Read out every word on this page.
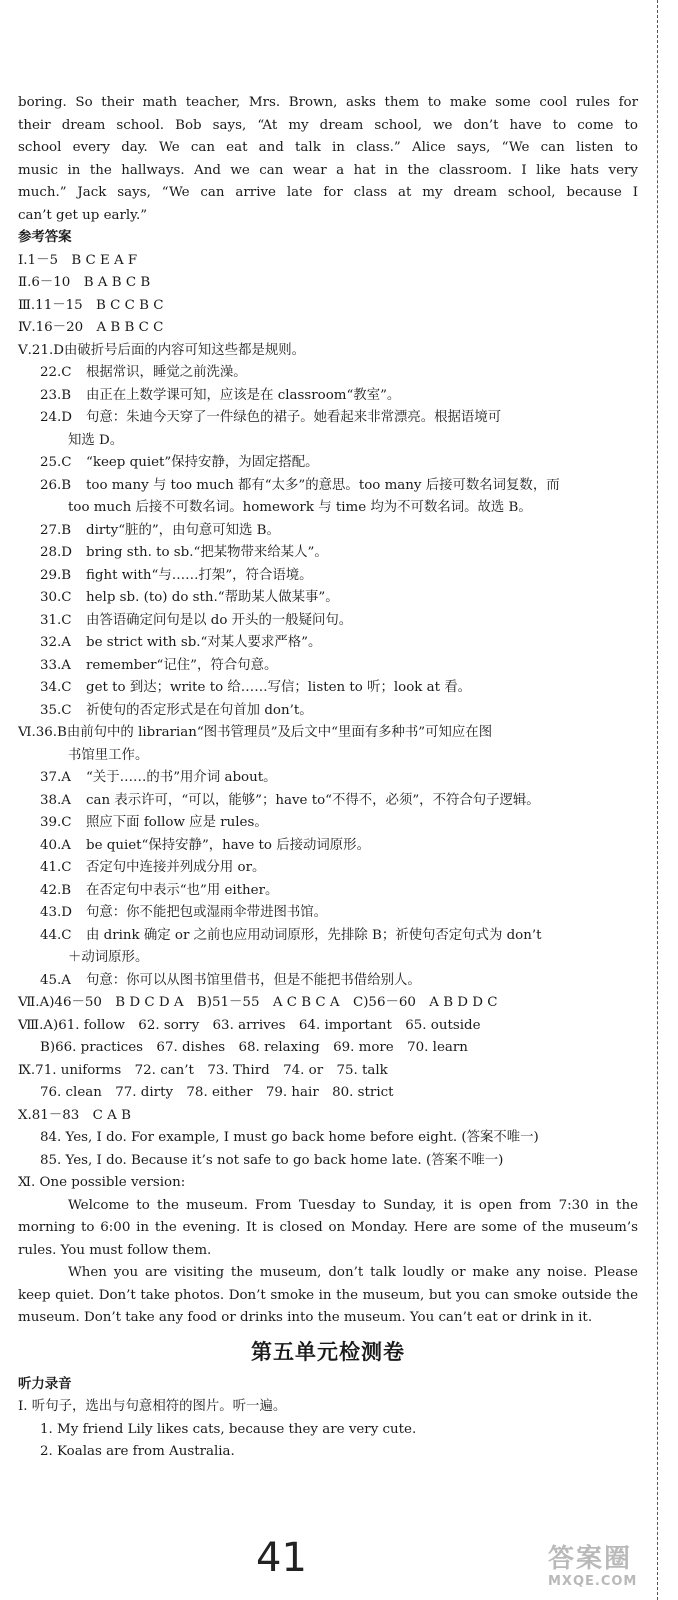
boring. So their math teacher, Mrs. Brown, asks them to make some cool rules for
their dream school. Bob says, “At my dream school, we don’t have to come to
school every day. We can eat and talk in class.” Alice says, “We can listen to
music in the hallways. And we can wear a hat in the classroom. I like hats very
much.” Jack says, “We can arrive late for class at my dream school, because I
can’t get up early.”
参考答案
Ⅰ.1－5　B C E A F
Ⅱ.6－10　B A B C B
Ⅲ.11－15　B C C B C
Ⅳ.16－20　A B B C C
Ⅴ.21.D由破折号后面的内容可知这些都是规则。
22.C 根据常识，睡觉之前洗澡。
23.B 由正在上数学课可知，应该是在 classroom“教室”。
24.D 句意：朱迪今天穿了一件绿色的裙子。她看起来非常漂亮。根据语境可
知选 D。
25.C “keep quiet”保持安静，为固定搭配。
26.B too many 与 too much 都有“太多”的意思。too many 后接可数名词复数，而
too much 后接不可数名词。homework 与 time 均为不可数名词。故选 B。
27.B dirty“脏的”，由句意可知选 B。
28.D bring sth. to sb.“把某物带来给某人”。
29.B fight with“与……打架”，符合语境。
30.C help sb. (to) do sth.“帮助某人做某事”。
31.C 由答语确定问句是以 do 开头的一般疑问句。
32.A be strict with sb.“对某人要求严格”。
33.A remember“记住”，符合句意。
34.C get to 到达；write to 给……写信；listen to 听；look at 看。
35.C 祈使句的否定形式是在句首加 don’t。
Ⅵ.36.B由前句中的 librarian“图书管理员”及后文中“里面有多种书”可知应在图
书馆里工作。
37.A “关于……的书”用介词 about。
38.A can 表示许可，“可以，能够”；have to“不得不，必须”，不符合句子逻辑。
39.C 照应下面 follow 应是 rules。
40.A be quiet“保持安静”，have to 后接动词原形。
41.C 否定句中连接并列成分用 or。
42.B 在否定句中表示“也”用 either。
43.D 句意：你不能把包或湿雨伞带进图书馆。
44.C 由 drink 确定 or 之前也应用动词原形，先排除 B；祈使句否定句式为 don’t
＋动词原形。
45.A 句意：你可以从图书馆里借书，但是不能把书借给别人。
Ⅶ.A)46－50　B D C D A　B)51－55　A C B C A　C)56－60　A B D D C
Ⅷ.A)61. follow　62. sorry　63. arrives　64. important　65. outside
B)66. practices　67. dishes　68. relaxing　69. more　70. learn
Ⅸ.71. uniforms　72. can’t　73. Third　74. or　75. talk
76. clean　77. dirty　78. either　79. hair　80. strict
Ⅹ.81－83　C A B
84. Yes, I do. For example, I must go back home before eight. (答案不唯一)
85. Yes, I do. Because it’s not safe to go back home late. (答案不唯一)
Ⅺ. One possible version:
Welcome to the museum. From Tuesday to Sunday, it is open from 7:30 in the morning to 6:00 in the evening. It is closed on Monday. Here are some of the museum’s rules. You must follow them.
When you are visiting the museum, don’t talk loudly or make any noise. Please keep quiet. Don’t take photos. Don’t smoke in the museum, but you can smoke outside the museum. Don’t take any food or drinks into the museum. You can’t eat or drink in it.
第五单元检测卷
听力录音
Ⅰ. 听句子，选出与句意相符的图片。听一遍。
1. My friend Lily likes cats, because they are very cute.
2. Koalas are from Australia.
41	答案圈
MXQE.COM
